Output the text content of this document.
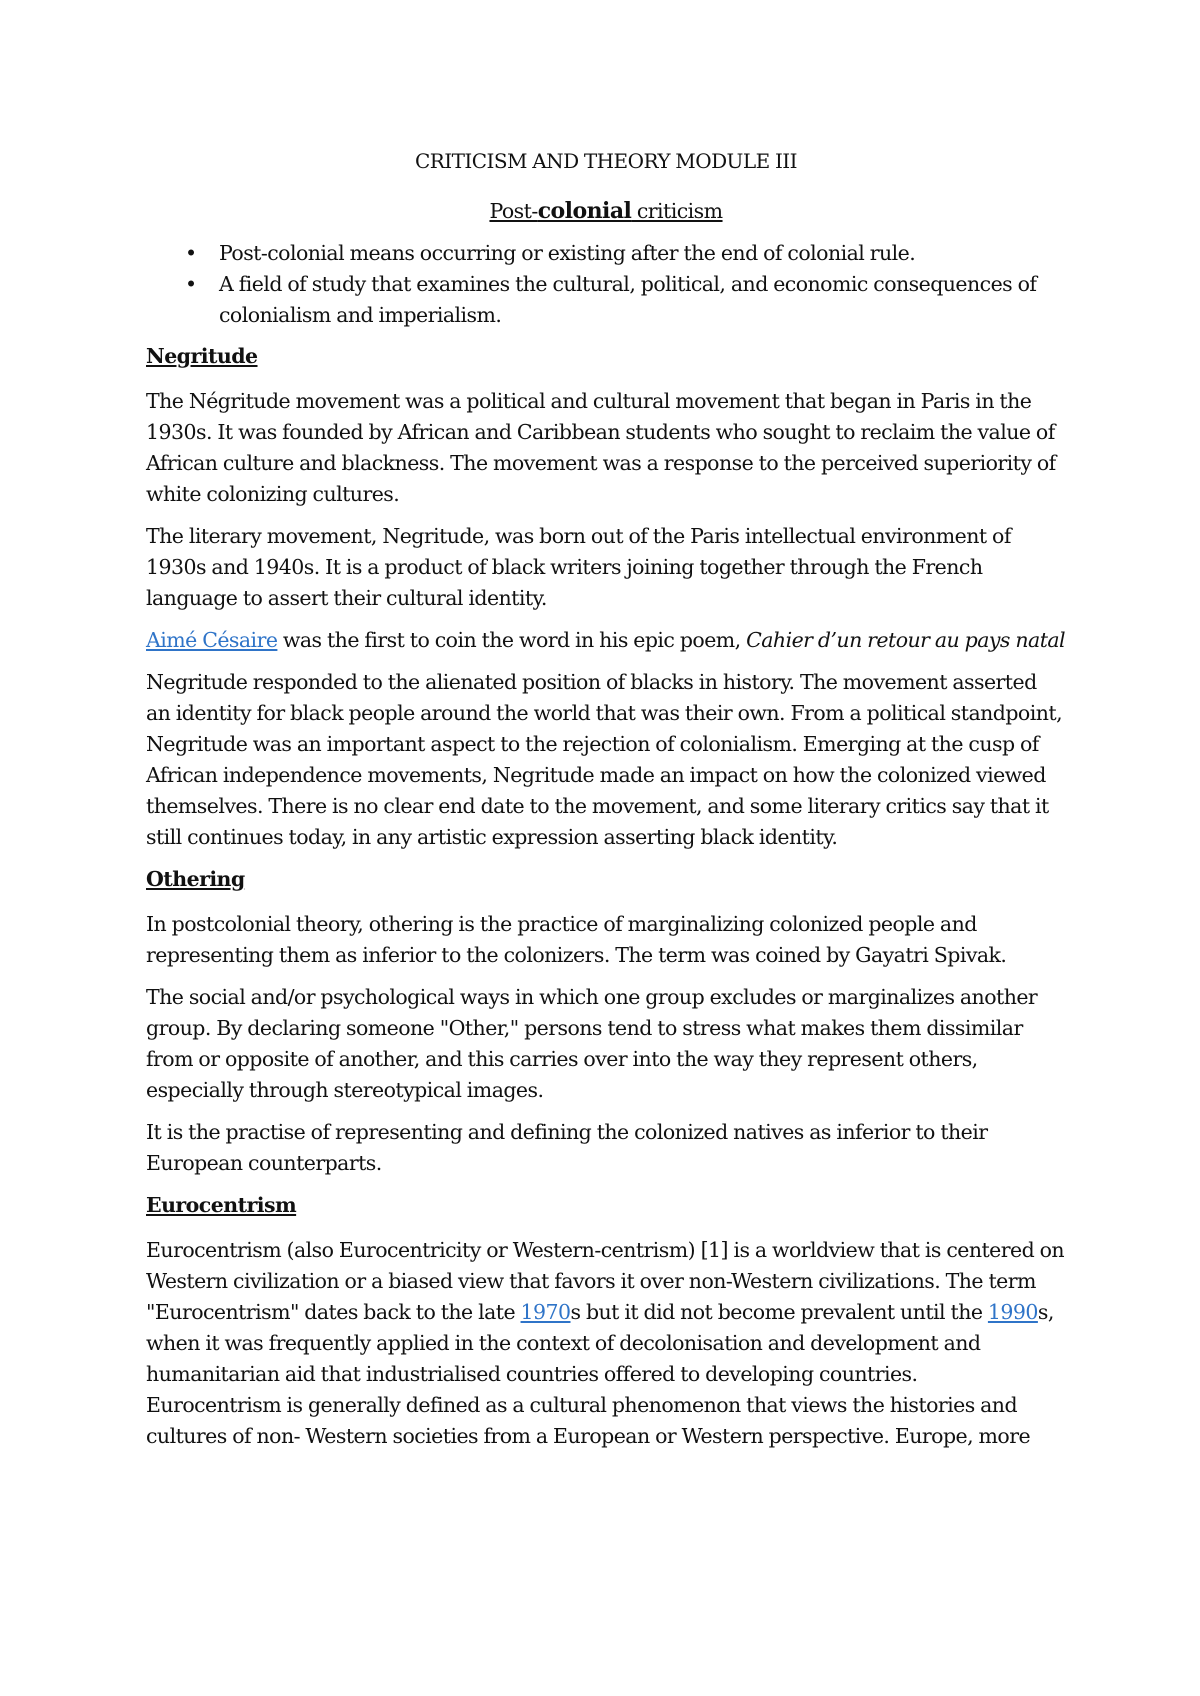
CRITICISM AND THEORY MODULE III
Post-colonial criticism
• Post-colonial means occurring or existing after the end of colonial rule.
• A field of study that examines the cultural, political, and economic consequences of colonialism and imperialism.
Negritude

The Négritude movement was a political and cultural movement that began in Paris in the 1930s. It was founded by African and Caribbean students who sought to reclaim the value of African culture and blackness. The movement was a response to the perceived superiority of white colonizing cultures.

The literary movement, Negritude, was born out of the Paris intellectual environment of 1930s and 1940s. It is a product of black writers joining together through the French language to assert their cultural identity.

Aimé Césaire was the first to coin the word in his epic poem, Cahier d’un retour au pays natal

Negritude responded to the alienated position of blacks in history. The movement asserted an identity for black people around the world that was their own. From a political standpoint, Negritude was an important aspect to the rejection of colonialism. Emerging at the cusp of African independence movements, Negritude made an impact on how the colonized viewed themselves. There is no clear end date to the movement, and some literary critics say that it still continues today, in any artistic expression asserting black identity.

Othering

In postcolonial theory, othering is the practice of marginalizing colonized people and representing them as inferior to the colonizers. The term was coined by Gayatri Spivak.

The social and/or psychological ways in which one group excludes or marginalizes another group. By declaring someone "Other," persons tend to stress what makes them dissimilar from or opposite of another, and this carries over into the way they represent others, especially through stereotypical images.

It is the practise of representing and defining the colonized natives as inferior to their European counterparts.

Eurocentrism

Eurocentrism (also Eurocentricity or Western-centrism) [1] is a worldview that is centered on Western civilization or a biased view that favors it over non-Western civilizations. The term "Eurocentrism" dates back to the late 1970s but it did not become prevalent until the 1990s, when it was frequently applied in the context of decolonisation and development and humanitarian aid that industrialised countries offered to developing countries.

Eurocentrism is generally defined as a cultural phenomenon that views the histories and cultures of non- Western societies from a European or Western perspective. Europe, more
